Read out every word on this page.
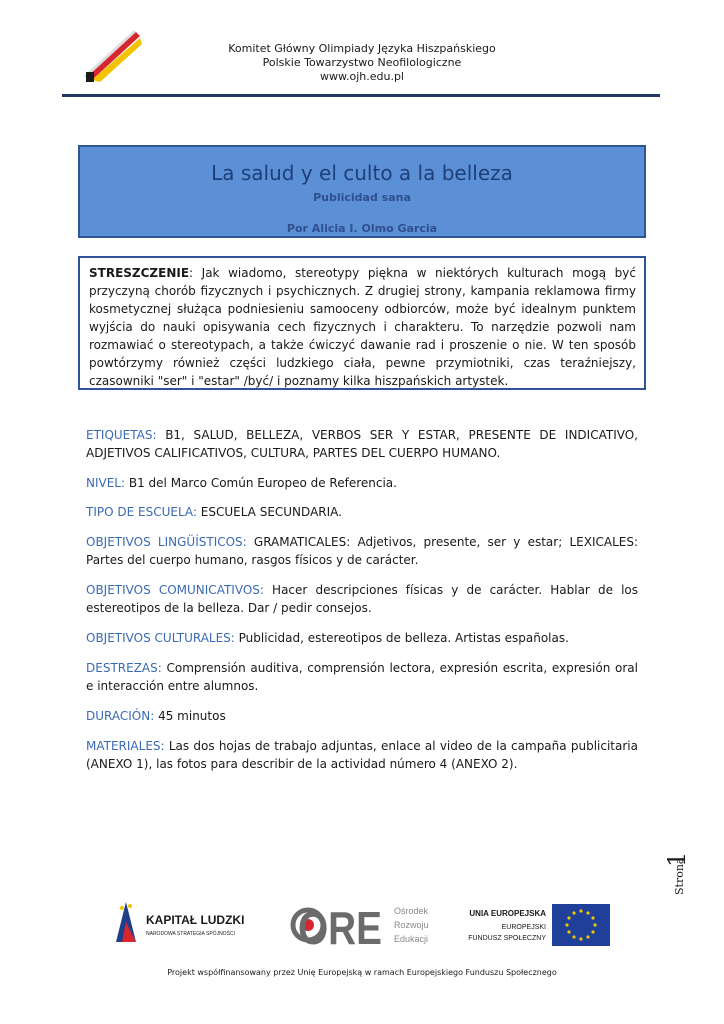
Komitet Główny Olimpiady Języka Hiszpańskiego
Polskie Towarzystwo Neofilologiczne
www.ojh.edu.pl
La salud y el culto a la belleza
Publicidad sana
Por Alicia I. Olmo Garcia
STRESZCZENIE: Jak wiadomo, stereotypy piękna w niektórych kulturach mogą być przyczyną chorób fizycznych i psychicznych. Z drugiej strony, kampania reklamowa firmy kosmetycznej służąca podniesieniu samooceny odbiorców, może być idealnym punktem wyjścia do nauki opisywania cech fizycznych i charakteru. To narzędzie pozwoli nam rozmawiać o stereotypach, a także ćwiczyć dawanie rad i proszenie o nie. W ten sposób powtórzymy również części ludzkiego ciała, pewne przymiotniki, czas teraźniejszy, czasowniki "ser" i "estar" /być/ i poznamy kilka hiszpańskich artystek.
ETIQUETAS: B1, SALUD, BELLEZA, VERBOS SER Y ESTAR, PRESENTE DE INDICATIVO, ADJETIVOS CALIFICATIVOS, CULTURA, PARTES DEL CUERPO HUMANO.
NIVEL: B1 del Marco Común Europeo de Referencia.
TIPO DE ESCUELA: ESCUELA SECUNDARIA.
OBJETIVOS LINGÜÍSTICOS: GRAMATICALES: Adjetivos, presente, ser y estar; LEXICALES: Partes del cuerpo humano, rasgos físicos y de carácter.
OBJETIVOS COMUNICATIVOS: Hacer descripciones físicas y de carácter. Hablar de los estereotipos de la belleza. Dar / pedir consejos.
OBJETIVOS CULTURALES: Publicidad, estereotipos de belleza. Artistas españolas.
DESTREZAS: Comprensión auditiva, comprensión lectora, expresión escrita, expresión oral e interacción entre alumnos.
DURACIÓN: 45 minutos
MATERIALES: Las dos hojas de trabajo adjuntas, enlace al video de la campaña publicitaria (ANEXO 1), las fotos para describir de la actividad número 4 (ANEXO 2).
Strona
1
KAPITAŁ LUDZKI
NARODOWA STRATEGIA SPÓJNOŚCI ORE Ośrodek
Rozwoju
Edukacji
UNIA EUROPEJSKA
EUROPEJSKI
FUNDUSZ SPOŁECZNY
Projekt współfinansowany przez Unię Europejską w ramach Europejskiego Funduszu Społecznego
